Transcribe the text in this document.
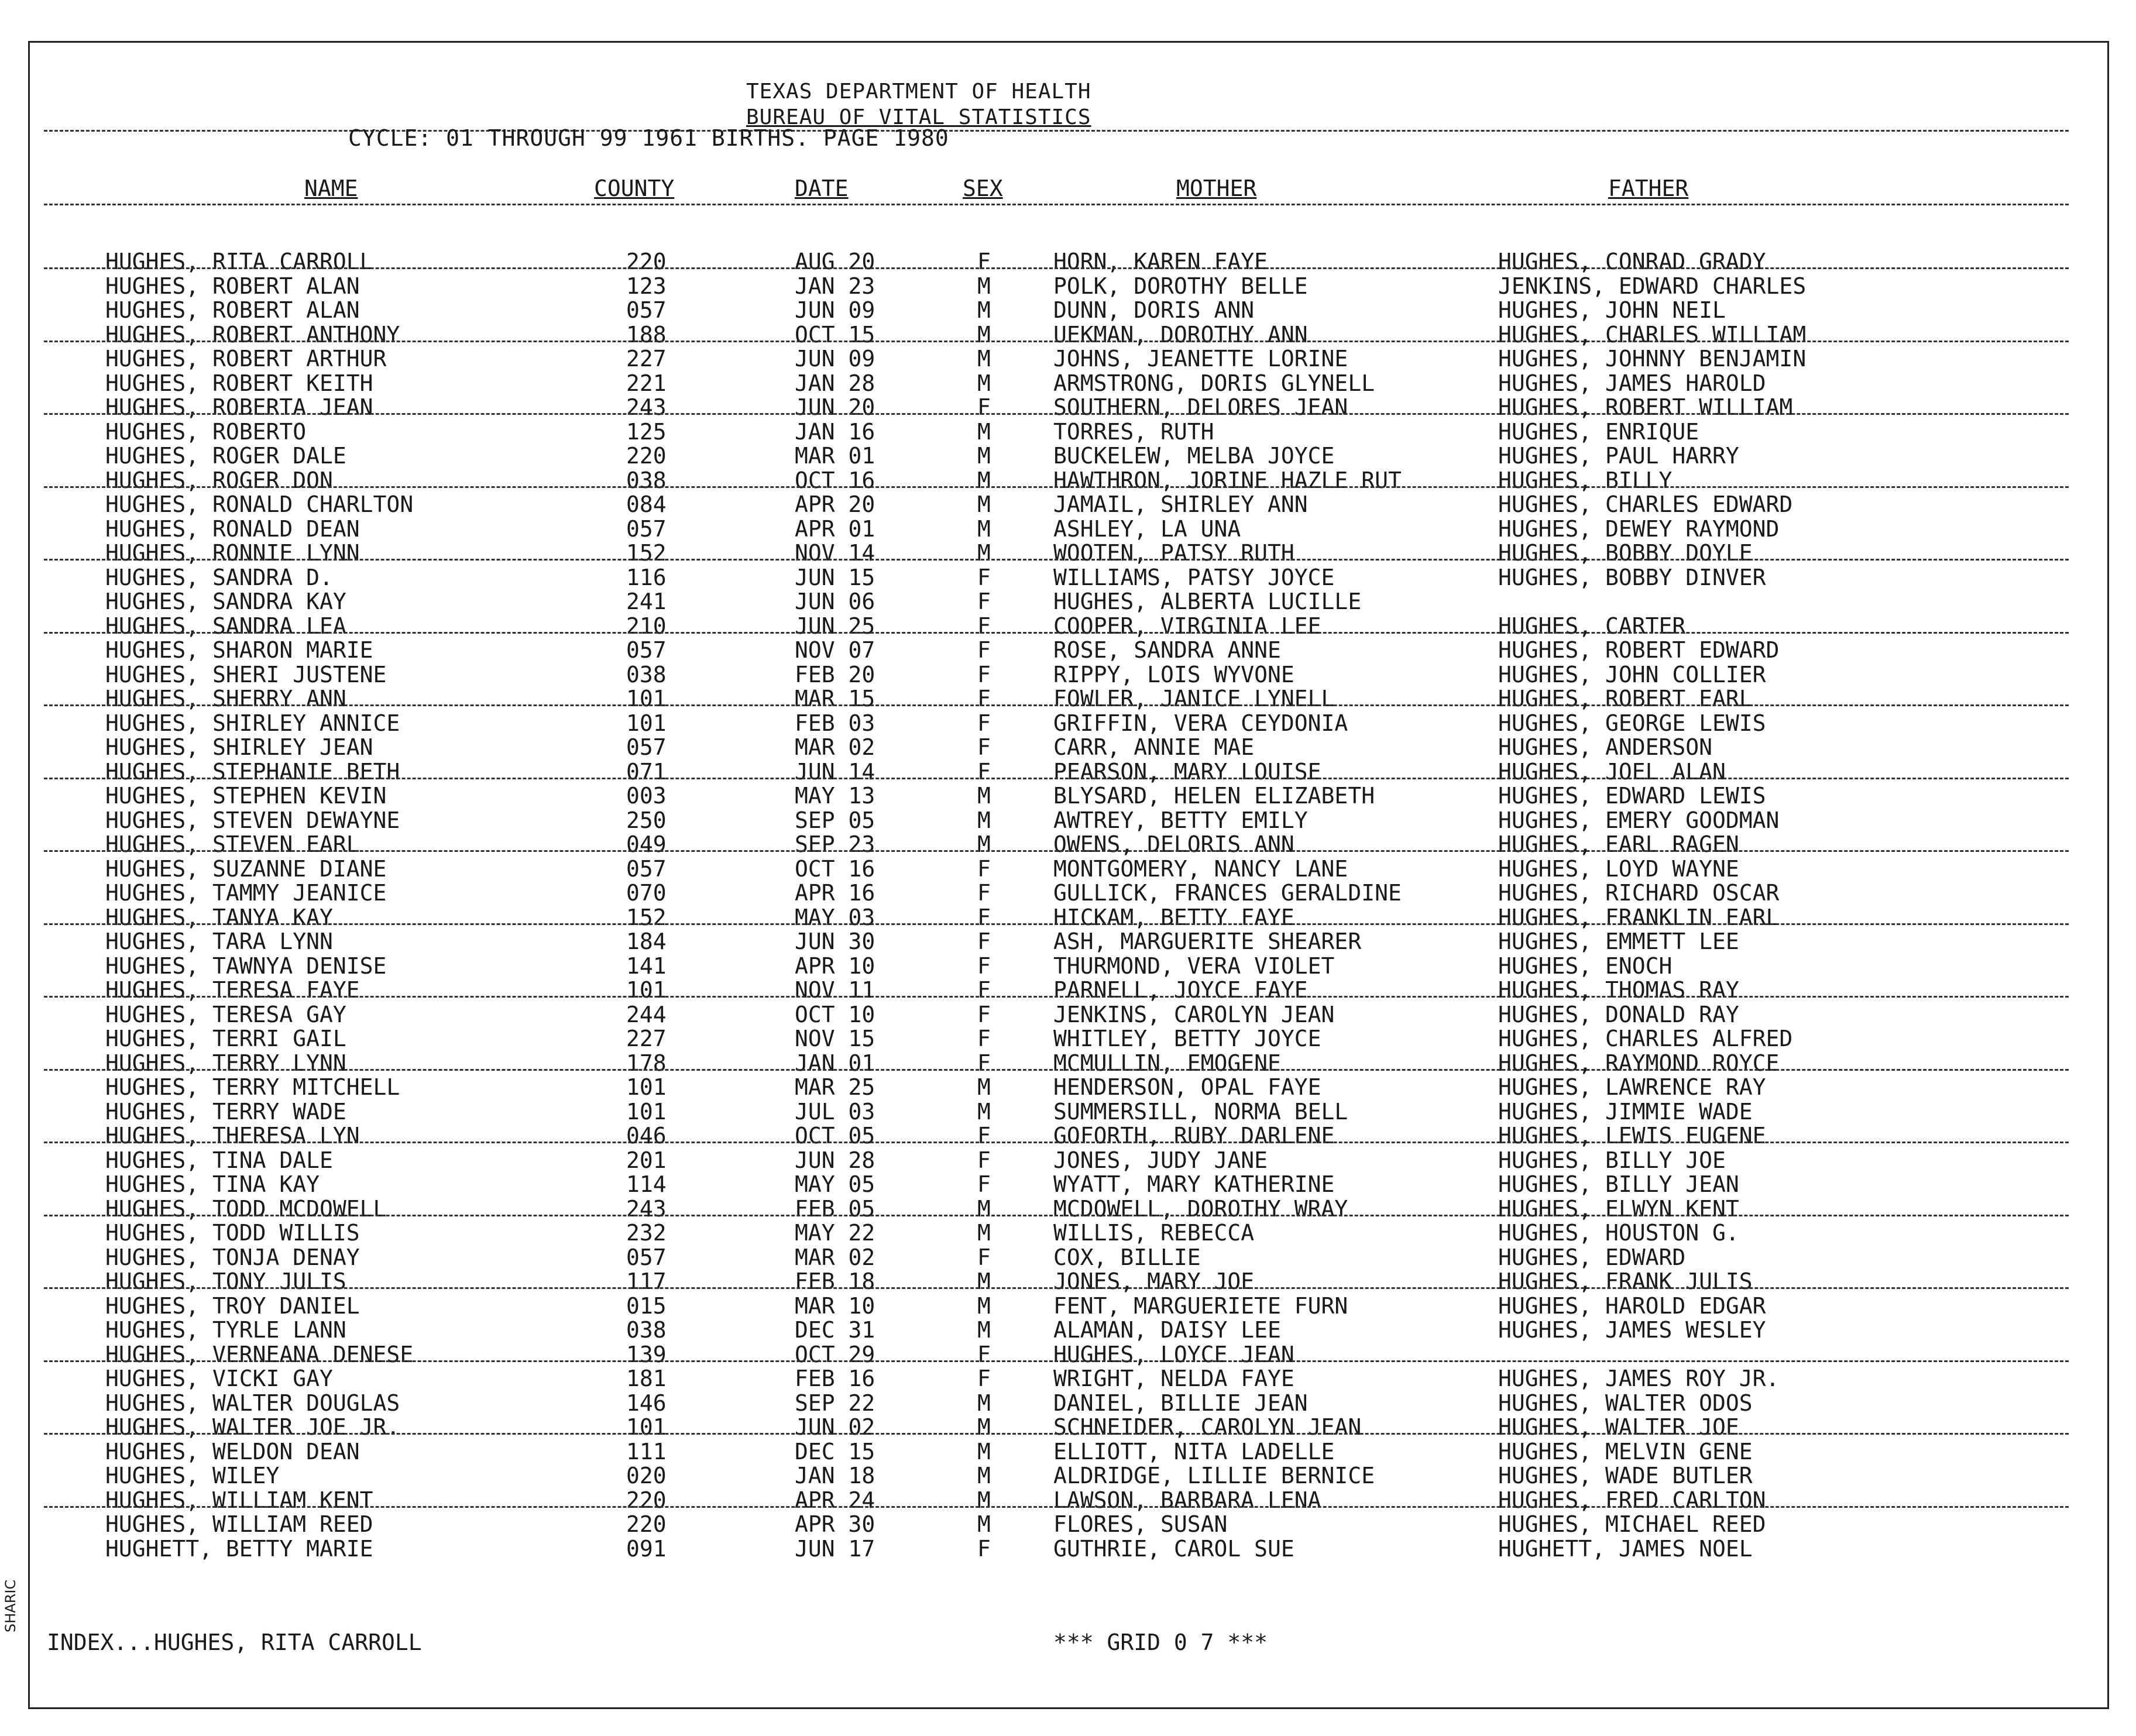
TEXAS DEPARTMENT OF HEALTH
BUREAU OF VITAL STATISTICS
CYCLE: 01 THROUGH 99 1961 BIRTHS. PAGE 1980
NAME	COUNTY	DATE	SEX	MOTHER	FATHER
HUGHES, RITA CARROLL	220	AUG 20	F	HORN, KAREN FAYE	HUGHES, CONRAD GRADY
HUGHES, ROBERT ALAN	123	JAN 23	M	POLK, DOROTHY BELLE	JENKINS, EDWARD CHARLES
HUGHES, ROBERT ALAN	057	JUN 09	M	DUNN, DORIS ANN	HUGHES, JOHN NEIL
HUGHES, ROBERT ANTHONY	188	OCT 15	M	UEKMAN, DOROTHY ANN	HUGHES, CHARLES WILLIAM
HUGHES, ROBERT ARTHUR	227	JUN 09	M	JOHNS, JEANETTE LORINE	HUGHES, JOHNNY BENJAMIN
HUGHES, ROBERT KEITH	221	JAN 28	M	ARMSTRONG, DORIS GLYNELL	HUGHES, JAMES HAROLD
HUGHES, ROBERTA JEAN	243	JUN 20	F	SOUTHERN, DELORES JEAN	HUGHES, ROBERT WILLIAM
HUGHES, ROBERTO	125	JAN 16	M	TORRES, RUTH	HUGHES, ENRIQUE
HUGHES, ROGER DALE	220	MAR 01	M	BUCKELEW, MELBA JOYCE	HUGHES, PAUL HARRY
HUGHES, ROGER DON	038	OCT 16	M	HAWTHRON, JORINE HAZLE RUT	HUGHES, BILLY
HUGHES, RONALD CHARLTON	084	APR 20	M	JAMAIL, SHIRLEY ANN	HUGHES, CHARLES EDWARD
HUGHES, RONALD DEAN	057	APR 01	M	ASHLEY, LA UNA	HUGHES, DEWEY RAYMOND
HUGHES, RONNIE LYNN	152	NOV 14	M	WOOTEN, PATSY RUTH	HUGHES, BOBBY DOYLE
HUGHES, SANDRA D.	116	JUN 15	F	WILLIAMS, PATSY JOYCE	HUGHES, BOBBY DINVER
HUGHES, SANDRA KAY	241	JUN 06	F	HUGHES, ALBERTA LUCILLE
HUGHES, SANDRA LEA	210	JUN 25	F	COOPER, VIRGINIA LEE	HUGHES, CARTER
HUGHES, SHARON MARIE	057	NOV 07	F	ROSE, SANDRA ANNE	HUGHES, ROBERT EDWARD
HUGHES, SHERI JUSTENE	038	FEB 20	F	RIPPY, LOIS WYVONE	HUGHES, JOHN COLLIER
HUGHES, SHERRY ANN	101	MAR 15	F	FOWLER, JANICE LYNELL	HUGHES, ROBERT EARL
HUGHES, SHIRLEY ANNICE	101	FEB 03	F	GRIFFIN, VERA CEYDONIA	HUGHES, GEORGE LEWIS
HUGHES, SHIRLEY JEAN	057	MAR 02	F	CARR, ANNIE MAE	HUGHES, ANDERSON
HUGHES, STEPHANIE BETH	071	JUN 14	F	PEARSON, MARY LOUISE	HUGHES, JOEL ALAN
HUGHES, STEPHEN KEVIN	003	MAY 13	M	BLYSARD, HELEN ELIZABETH	HUGHES, EDWARD LEWIS
HUGHES, STEVEN DEWAYNE	250	SEP 05	M	AWTREY, BETTY EMILY	HUGHES, EMERY GOODMAN
HUGHES, STEVEN EARL	049	SEP 23	M	OWENS, DELORIS ANN	HUGHES, EARL RAGEN
HUGHES, SUZANNE DIANE	057	OCT 16	F	MONTGOMERY, NANCY LANE	HUGHES, LOYD WAYNE
HUGHES, TAMMY JEANICE	070	APR 16	F	GULLICK, FRANCES GERALDINE	HUGHES, RICHARD OSCAR
HUGHES, TANYA KAY	152	MAY 03	F	HICKAM, BETTY FAYE	HUGHES, FRANKLIN EARL
HUGHES, TARA LYNN	184	JUN 30	F	ASH, MARGUERITE SHEARER	HUGHES, EMMETT LEE
HUGHES, TAWNYA DENISE	141	APR 10	F	THURMOND, VERA VIOLET	HUGHES, ENOCH
HUGHES, TERESA FAYE	101	NOV 11	F	PARNELL, JOYCE FAYE	HUGHES, THOMAS RAY
HUGHES, TERESA GAY	244	OCT 10	F	JENKINS, CAROLYN JEAN	HUGHES, DONALD RAY
HUGHES, TERRI GAIL	227	NOV 15	F	WHITLEY, BETTY JOYCE	HUGHES, CHARLES ALFRED
HUGHES, TERRY LYNN	178	JAN 01	F	MCMULLIN, EMOGENE	HUGHES, RAYMOND ROYCE
HUGHES, TERRY MITCHELL	101	MAR 25	M	HENDERSON, OPAL FAYE	HUGHES, LAWRENCE RAY
HUGHES, TERRY WADE	101	JUL 03	M	SUMMERSILL, NORMA BELL	HUGHES, JIMMIE WADE
HUGHES, THERESA LYN	046	OCT 05	F	GOFORTH, RUBY DARLENE	HUGHES, LEWIS EUGENE
HUGHES, TINA DALE	201	JUN 28	F	JONES, JUDY JANE	HUGHES, BILLY JOE
HUGHES, TINA KAY	114	MAY 05	F	WYATT, MARY KATHERINE	HUGHES, BILLY JEAN
HUGHES, TODD MCDOWELL	243	FEB 05	M	MCDOWELL, DOROTHY WRAY	HUGHES, ELWYN KENT
HUGHES, TODD WILLIS	232	MAY 22	M	WILLIS, REBECCA	HUGHES, HOUSTON G.
HUGHES, TONJA DENAY	057	MAR 02	F	COX, BILLIE	HUGHES, EDWARD
HUGHES, TONY JULIS	117	FEB 18	M	JONES, MARY JOE	HUGHES, FRANK JULIS
HUGHES, TROY DANIEL	015	MAR 10	M	FENT, MARGUERIETE FURN	HUGHES, HAROLD EDGAR
HUGHES, TYRLE LANN	038	DEC 31	M	ALAMAN, DAISY LEE	HUGHES, JAMES WESLEY
HUGHES, VERNEANA DENESE	139	OCT 29	F	HUGHES, LOYCE JEAN
HUGHES, VICKI GAY	181	FEB 16	F	WRIGHT, NELDA FAYE	HUGHES, JAMES ROY JR.
HUGHES, WALTER DOUGLAS	146	SEP 22	M	DANIEL, BILLIE JEAN	HUGHES, WALTER ODOS
HUGHES, WALTER JOE JR.	101	JUN 02	M	SCHNEIDER, CAROLYN JEAN	HUGHES, WALTER JOE
HUGHES, WELDON DEAN	111	DEC 15	M	ELLIOTT, NITA LADELLE	HUGHES, MELVIN GENE
HUGHES, WILEY	020	JAN 18	M	ALDRIDGE, LILLIE BERNICE	HUGHES, WADE BUTLER
HUGHES, WILLIAM KENT	220	APR 24	M	LAWSON, BARBARA LENA	HUGHES, FRED CARLTON
HUGHES, WILLIAM REED	220	APR 30	M	FLORES, SUSAN	HUGHES, MICHAEL REED
HUGHETT, BETTY MARIE	091	JUN 17	F	GUTHRIE, CAROL SUE	HUGHETT, JAMES NOEL
INDEX...HUGHES, RITA CARROLL	*** GRID 0 7 ***
SHARIC
